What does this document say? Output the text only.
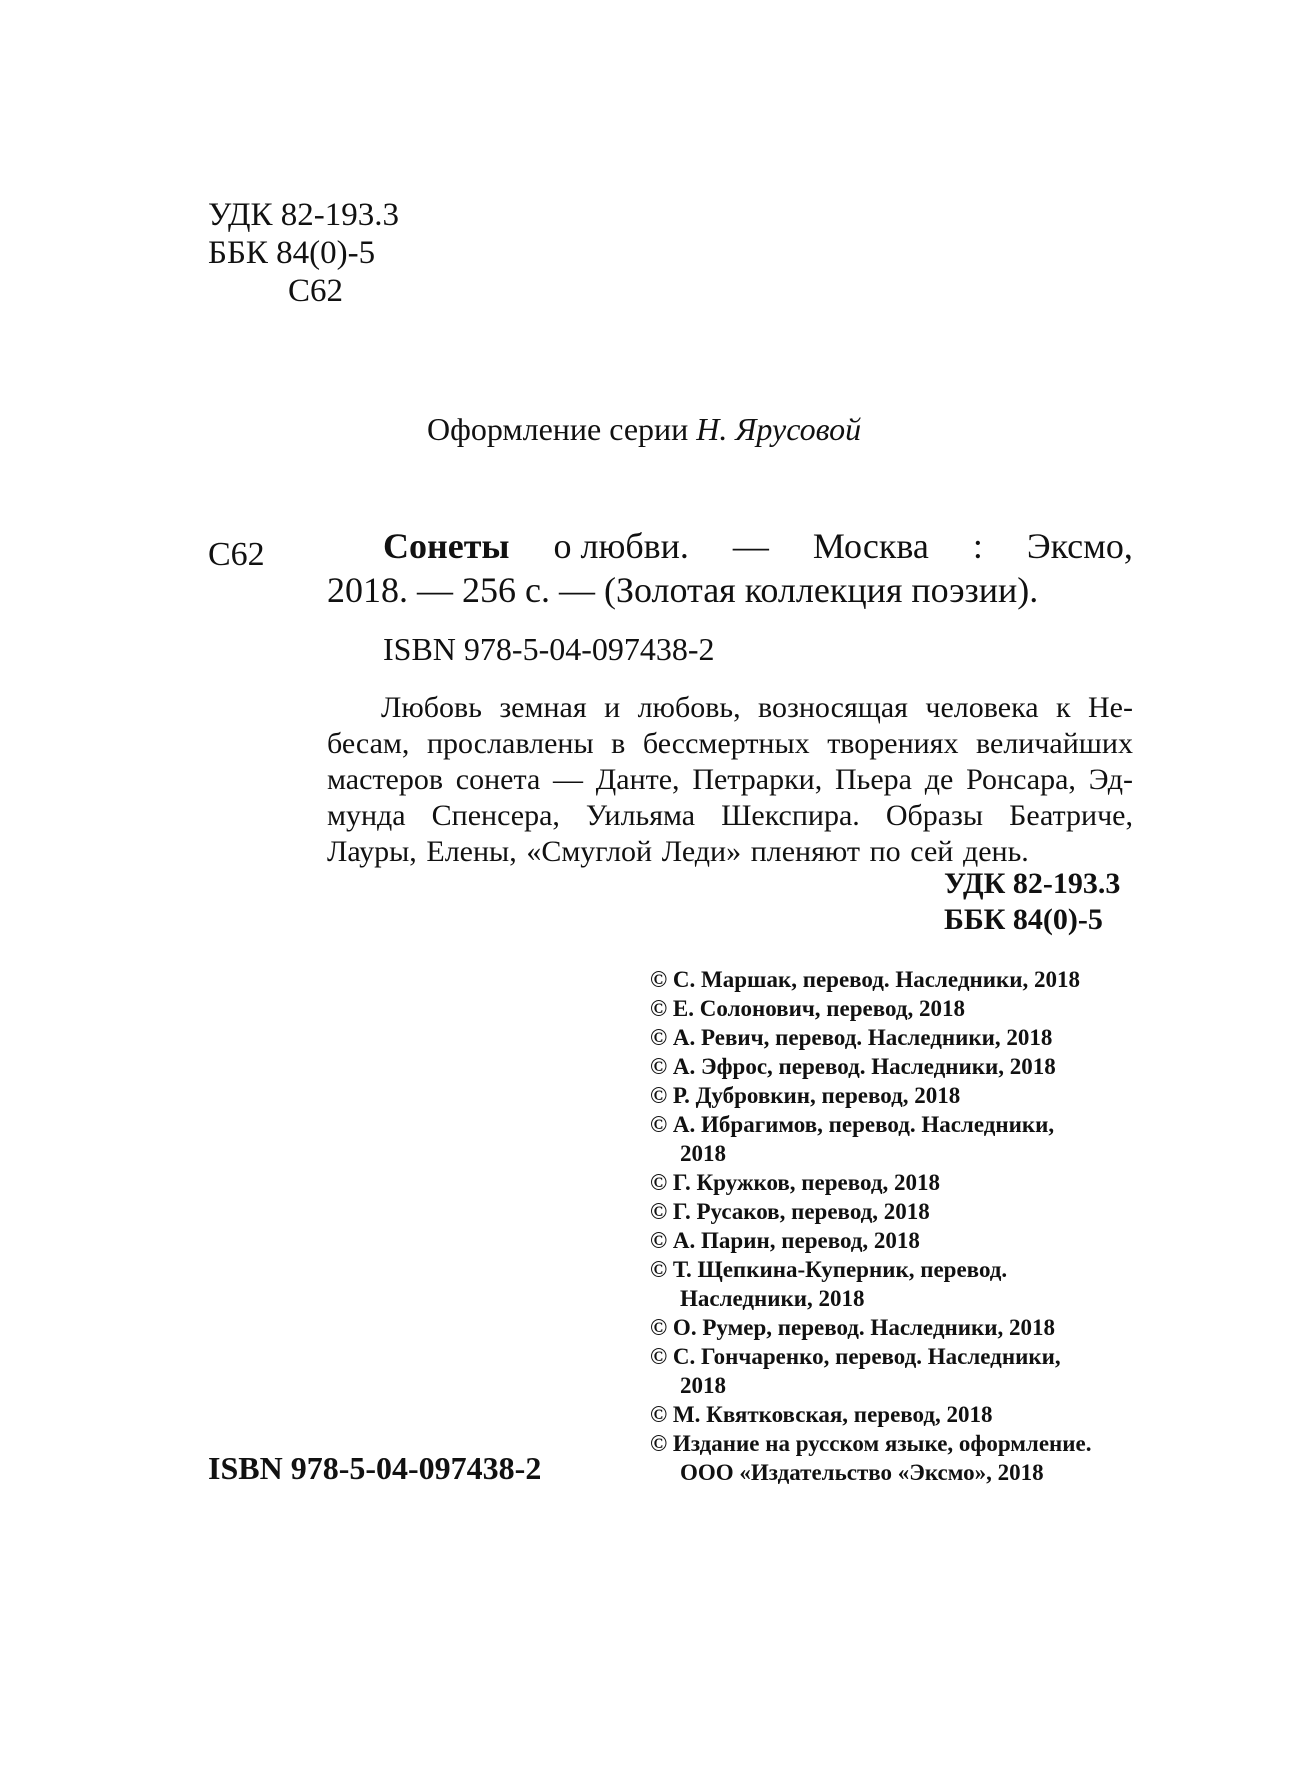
УДК 82-193.3
ББК 84(0)-5
С62
Оформление серии Н. Ярусовой
С62	Сонеты о любви. — Москва : Эксмо,
2018. — 256 с. — (Золотая коллекция поэзии).
ISBN 978-5-04-097438-2
Любовь земная и любовь, возносящая человека к Не-
бесам, прославлены в бессмертных творениях величайших
мастеров сонета — Данте, Петрарки, Пьера де Ронсара, Эд-
мунда Спенсера, Уильяма Шекспира. Образы Беатриче,
Лауры, Елены, «Смуглой Леди» пленяют по сей день.
УДК 82-193.3
ББК 84(0)-5
© С. Маршак, перевод. Наследники, 2018
© Е. Солонович, перевод, 2018
© А. Ревич, перевод. Наследники, 2018
© А. Эфрос, перевод. Наследники, 2018
© Р. Дубровкин, перевод, 2018
© А. Ибрагимов, перевод. Наследники,
2018
© Г. Кружков, перевод, 2018
© Г. Русаков, перевод, 2018
© А. Парин, перевод, 2018
© Т. Щепкина-Куперник, перевод.
Наследники, 2018
© О. Румер, перевод. Наследники, 2018
© С. Гончаренко, перевод. Наследники,
2018
© М. Квятковская, перевод, 2018
© Издание на русском языке, оформление.
ООО «Издательство «Эксмо», 2018
ISBN 978-5-04-097438-2
